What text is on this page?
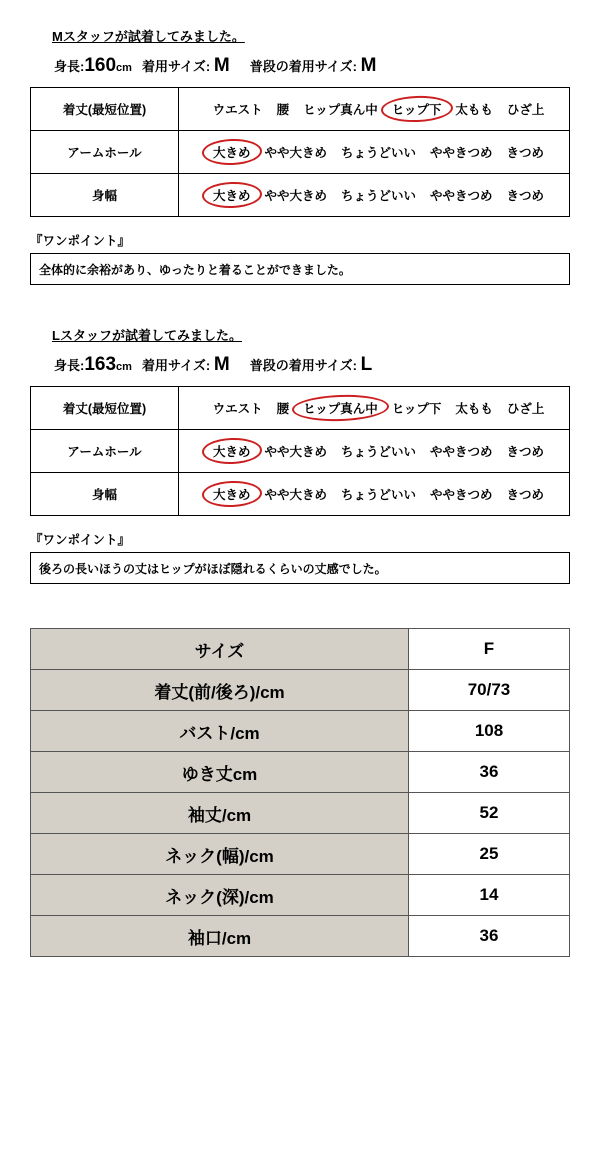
Mスタッフが試着してみました。
身長:160cm 着用サイズ: M 普段の着用サイズ: M
着丈(最短位置)	ウエスト 腰 ヒップ真ん中 ヒップ下 太もも ひざ上

アームホール	大きめ やや大きめ ちょうどいい ややきつめ きつめ

身幅	大きめ やや大きめ ちょうどいい ややきつめ きつめ
『ワンポイント』
全体的に余裕があり、ゆったりと着ることができました。
Lスタッフが試着してみました。
身長:163cm 着用サイズ: M 普段の着用サイズ: L
着丈(最短位置)	ウエスト 腰 ヒップ真ん中 ヒップ下 太もも ひざ上

アームホール	大きめ やや大きめ ちょうどいい ややきつめ きつめ

身幅	大きめ やや大きめ ちょうどいい ややきつめ きつめ
『ワンポイント』
後ろの長いほうの丈はヒップがほぼ隠れるくらいの丈感でした。
サイズ	F
着丈(前/後ろ)/cm	70/73
バスト/cm	108
ゆき丈cm	36
袖丈/cm	52
ネック(幅)/cm	25
ネック(深)/cm	14
袖口/cm	36
